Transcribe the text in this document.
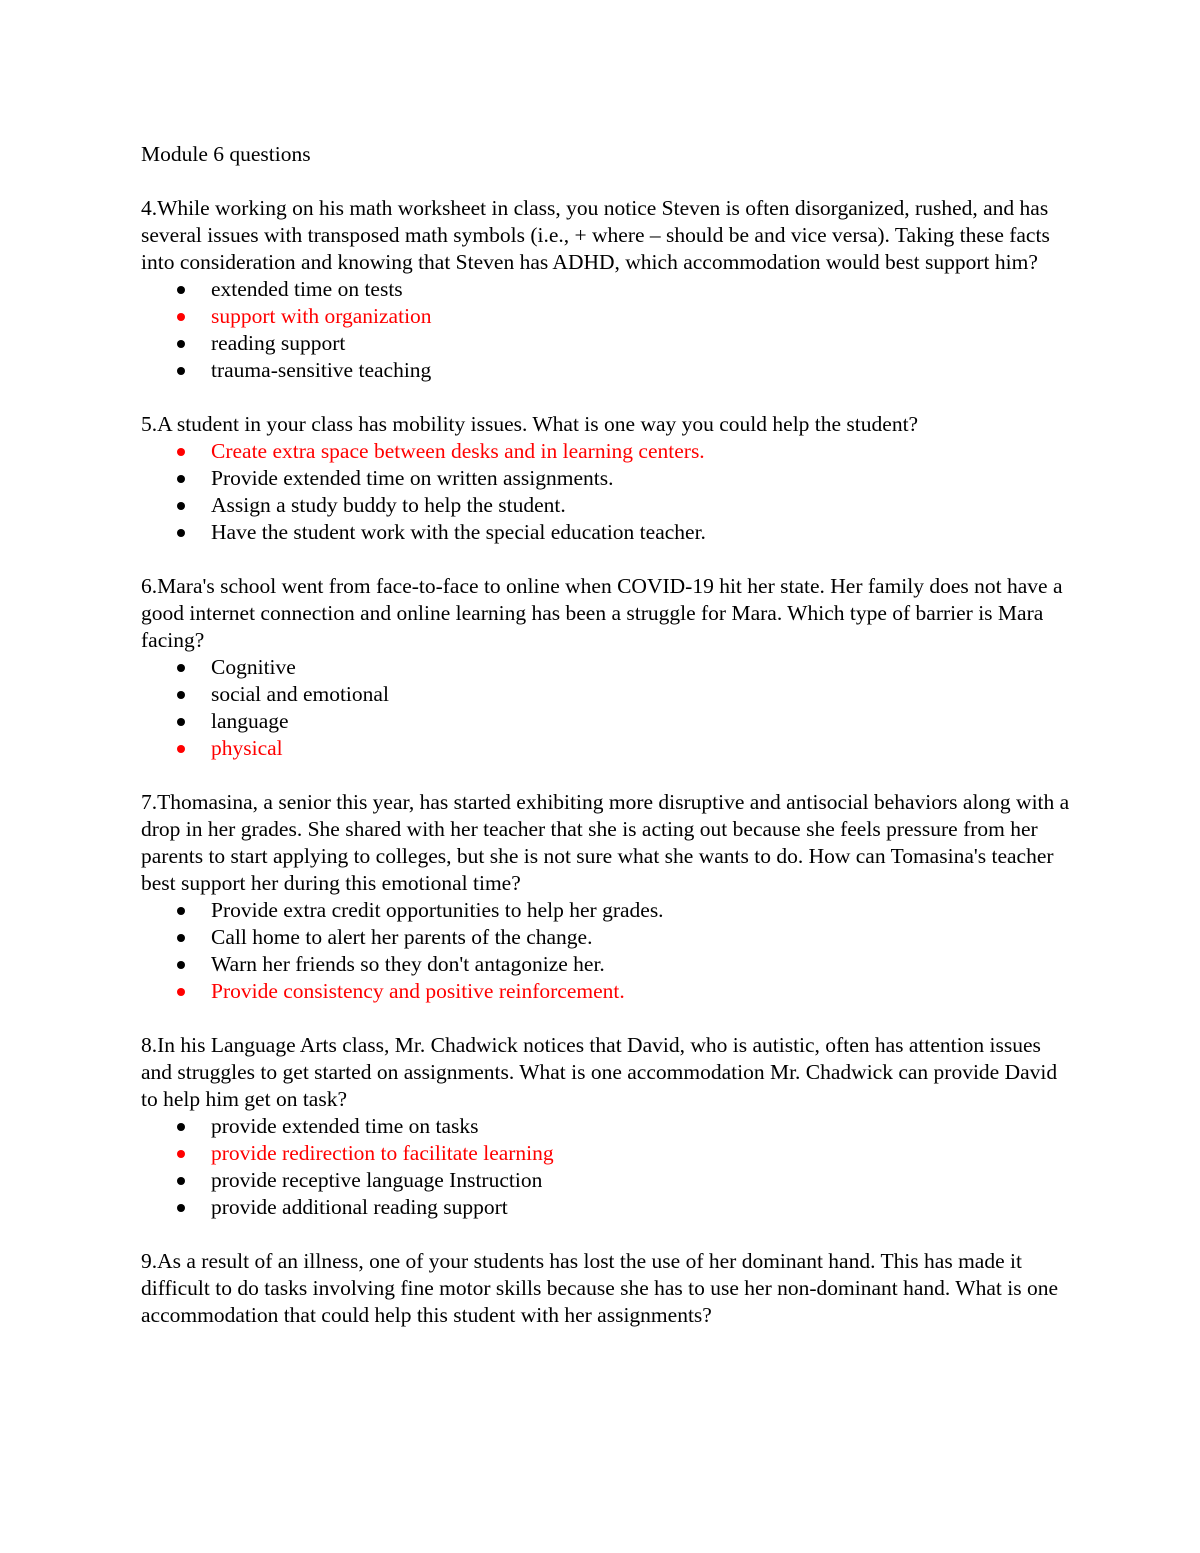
Module 6 questions

4.While working on his math worksheet in class, you notice Steven is often disorganized, rushed, and has several issues with transposed math symbols (i.e., + where – should be and vice versa). Taking these facts into consideration and knowing that Steven has ADHD, which accommodation would best support him?

extended time on tests
support with organization
reading support
trauma-sensitive teaching

5.A student in your class has mobility issues. What is one way you could help the student?

Create extra space between desks and in learning centers.
Provide extended time on written assignments.
Assign a study buddy to help the student.
Have the student work with the special education teacher.

6.Mara's school went from face-to-face to online when COVID-19 hit her state. Her family does not have a good internet connection and online learning has been a struggle for Mara. Which type of barrier is Mara facing?

Cognitive
social and emotional
language
physical

7.Thomasina, a senior this year, has started exhibiting more disruptive and antisocial behaviors along with a drop in her grades. She shared with her teacher that she is acting out because she feels pressure from her parents to start applying to colleges, but she is not sure what she wants to do. How can Tomasina's teacher best support her during this emotional time?

Provide extra credit opportunities to help her grades.
Call home to alert her parents of the change.
Warn her friends so they don't antagonize her.
Provide consistency and positive reinforcement.

8.In his Language Arts class, Mr. Chadwick notices that David, who is autistic, often has attention issues and struggles to get started on assignments. What is one accommodation Mr. Chadwick can provide David to help him get on task?

provide extended time on tasks
provide redirection to facilitate learning
provide receptive language Instruction
provide additional reading support

9.As a result of an illness, one of your students has lost the use of her dominant hand. This has made it difficult to do tasks involving fine motor skills because she has to use her non-dominant hand. What is one accommodation that could help this student with her assignments?
